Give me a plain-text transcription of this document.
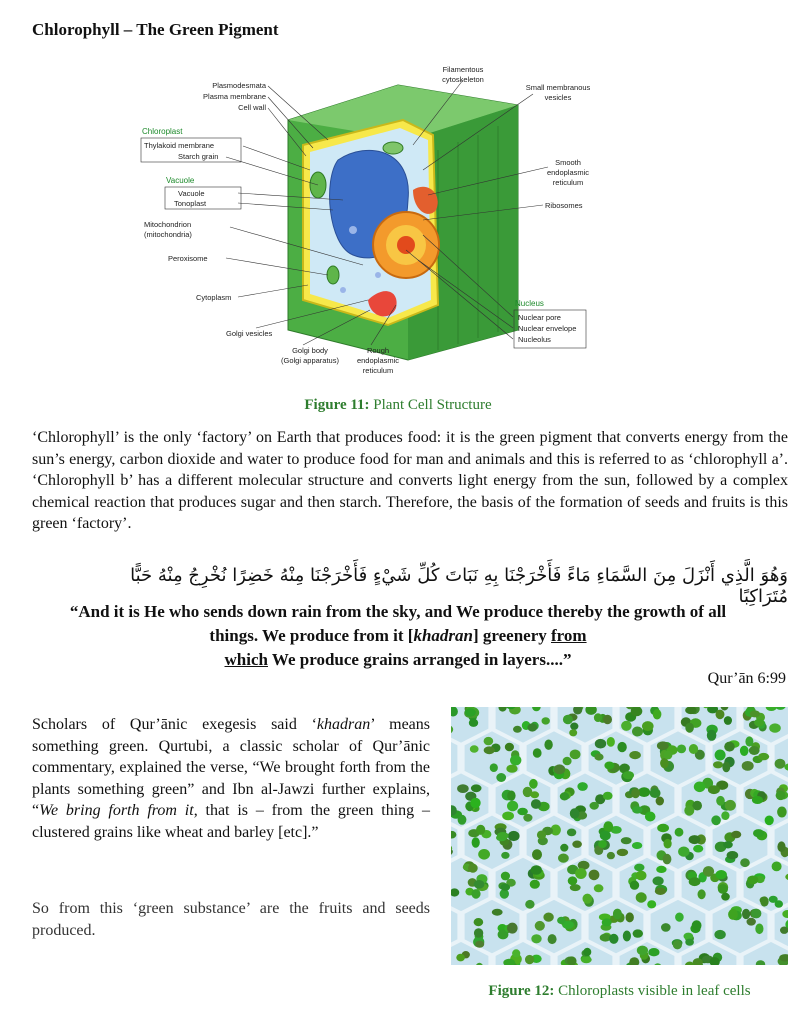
Chlorophyll – The Green Pigment
Plasmodesmata
Plasma membrane
Cell wall
Chloroplast
Thylakoid membrane
Starch grain
Vacuole
Vacuole
Tonoplast
Mitochondrion
(mitochondria)
Peroxisome
Cytoplasm
Golgi vesicles
Golgi body
(Golgi apparatus)
Rough
endoplasmic
reticulum
Filamentous
cytoskeleton
Small membranous
vesicles
Smooth
endoplasmic
reticulum
Ribosomes
Nucleus
Nuclear pore
Nuclear envelope
Nucleolus
Figure 11: Plant Cell Structure
‘Chlorophyll’ is the only ‘factory’ on Earth that produces food: it is the green pigment that converts energy from the sun’s energy, carbon dioxide and water to produce food for man and animals and this is referred to as ‘chlorophyll a’. ‘Chlorophyll b’ has a different molecular structure and converts light energy from the sun, followed by a complex chemical reaction that produces sugar and then starch. Therefore, the basis of the formation of seeds and fruits is this green ‘factory’.
وَهُوَ الَّذِي أَنْزَلَ مِنَ السَّمَاءِ مَاءً فَأَخْرَجْنَا بِهِ نَبَاتَ كُلِّ شَيْءٍ فَأَخْرَجْنَا مِنْهُ خَضِرًا نُخْرِجُ مِنْهُ حَبًّا مُتَرَاكِبًا
“And it is He who sends down rain from the sky, and We produce thereby the growth of all things. We produce from it [khadran] greenery from
which We produce grains arranged in layers....”
Qur’ān 6:99
Scholars of Qur’ānic exegesis said ‘khadran’ means something green. Qurtubi, a classic scholar of Qur’ānic commentary, explained the verse, “We brought forth from the plants something green” and Ibn al-Jawzi further explains, “We bring forth from it, that is – from the green thing – clustered grains like wheat and barley [etc].”
So from this ‘green substance’ are the fruits and seeds produced.
Figure 12: Chloroplasts visible in leaf cells
